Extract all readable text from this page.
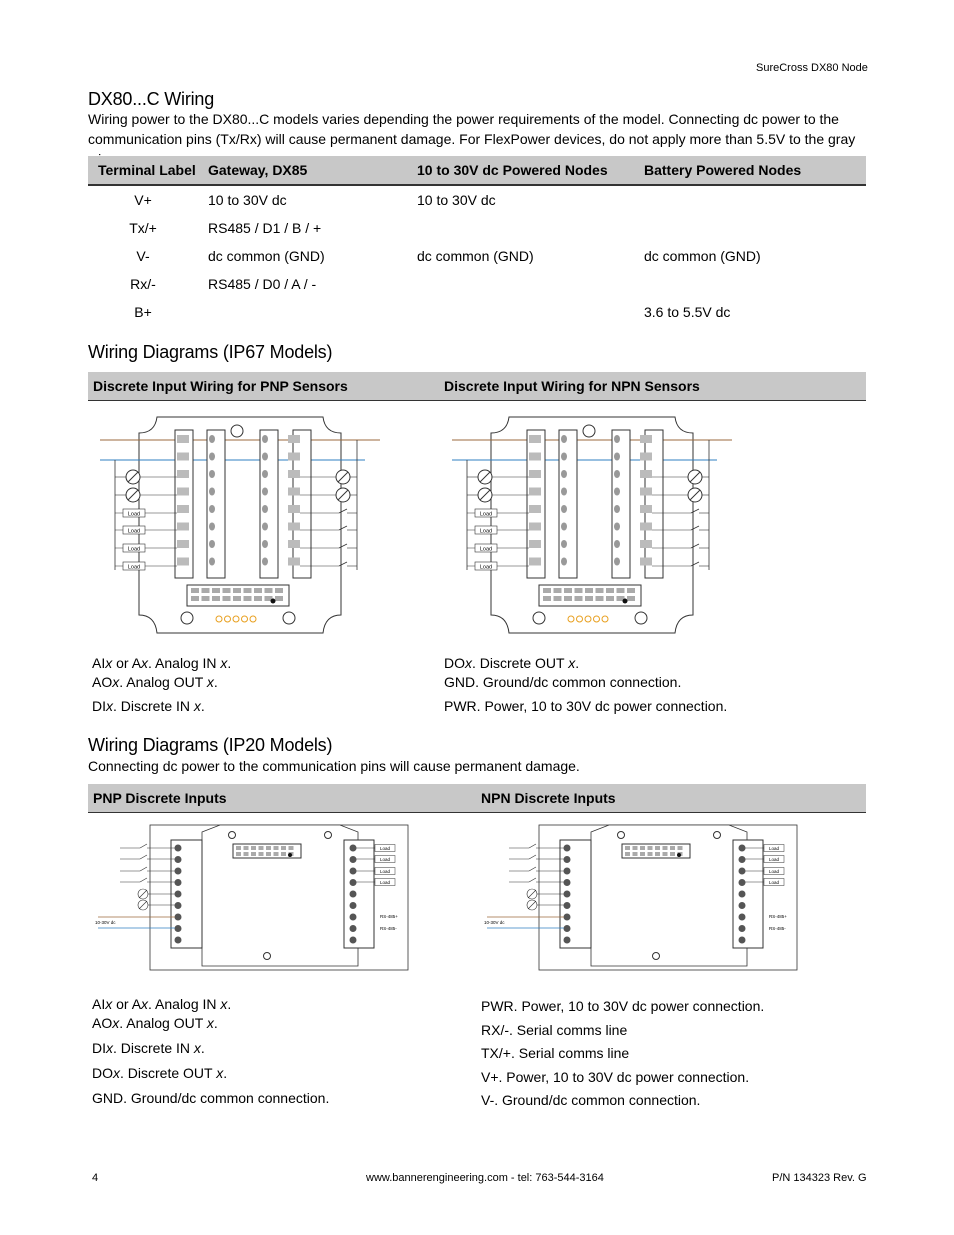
SureCross DX80 Node
DX80...C Wiring
Wiring power to the DX80...C models varies depending the power requirements of the model. Connecting dc power to the communication pins (Tx/Rx) will cause permanent damage. For FlexPower devices, do not apply more than 5.5V to the gray
Terminal Label	Gateway, DX85	10 to 30V dc Powered Nodes	Battery Powered Nodes
V+	10 to 30V dc	10 to 30V dc	
Tx/+	RS485 / D1 / B / +		
V-	dc common (GND)	dc common (GND)	dc common (GND)
Rx/-	RS485 / D0 / A / -		
B+			3.6 to 5.5V dc
Wiring Diagrams (IP67 Models)
Discrete Input Wiring for PNP Sensors	Discrete Input Wiring for NPN Sensors
Load
Load
Load
Load
Load
Load
Load
Load
AIx or Ax. Analog IN x.
AOx. Analog OUT x.
DIx. Discrete IN x.
DOx. Discrete OUT x.
GND. Ground/dc common connection.
PWR. Power, 10 to 30V dc power connection.
Wiring Diagrams (IP20 Models)
Connecting dc power to the communication pins will cause permanent damage.
PNP Discrete Inputs	NPN Discrete Inputs
10-30V dc
Load
Load
Load
Load
RS-485+
RS-485-
10-30V dc
Load
Load
Load
Load
RS-485+
RS-485-
AIx or Ax. Analog IN x.
AOx. Analog OUT x.
DIx. Discrete IN x.
DOx. Discrete OUT x.
GND. Ground/dc common connection.
PWR. Power, 10 to 30V dc power connection.
RX/-. Serial comms line
TX/+. Serial comms line
V+. Power, 10 to 30V dc power connection.
V-. Ground/dc common connection.
4	www.bannerengineering.com - tel: 763-544-3164	P/N 134323 Rev. G
